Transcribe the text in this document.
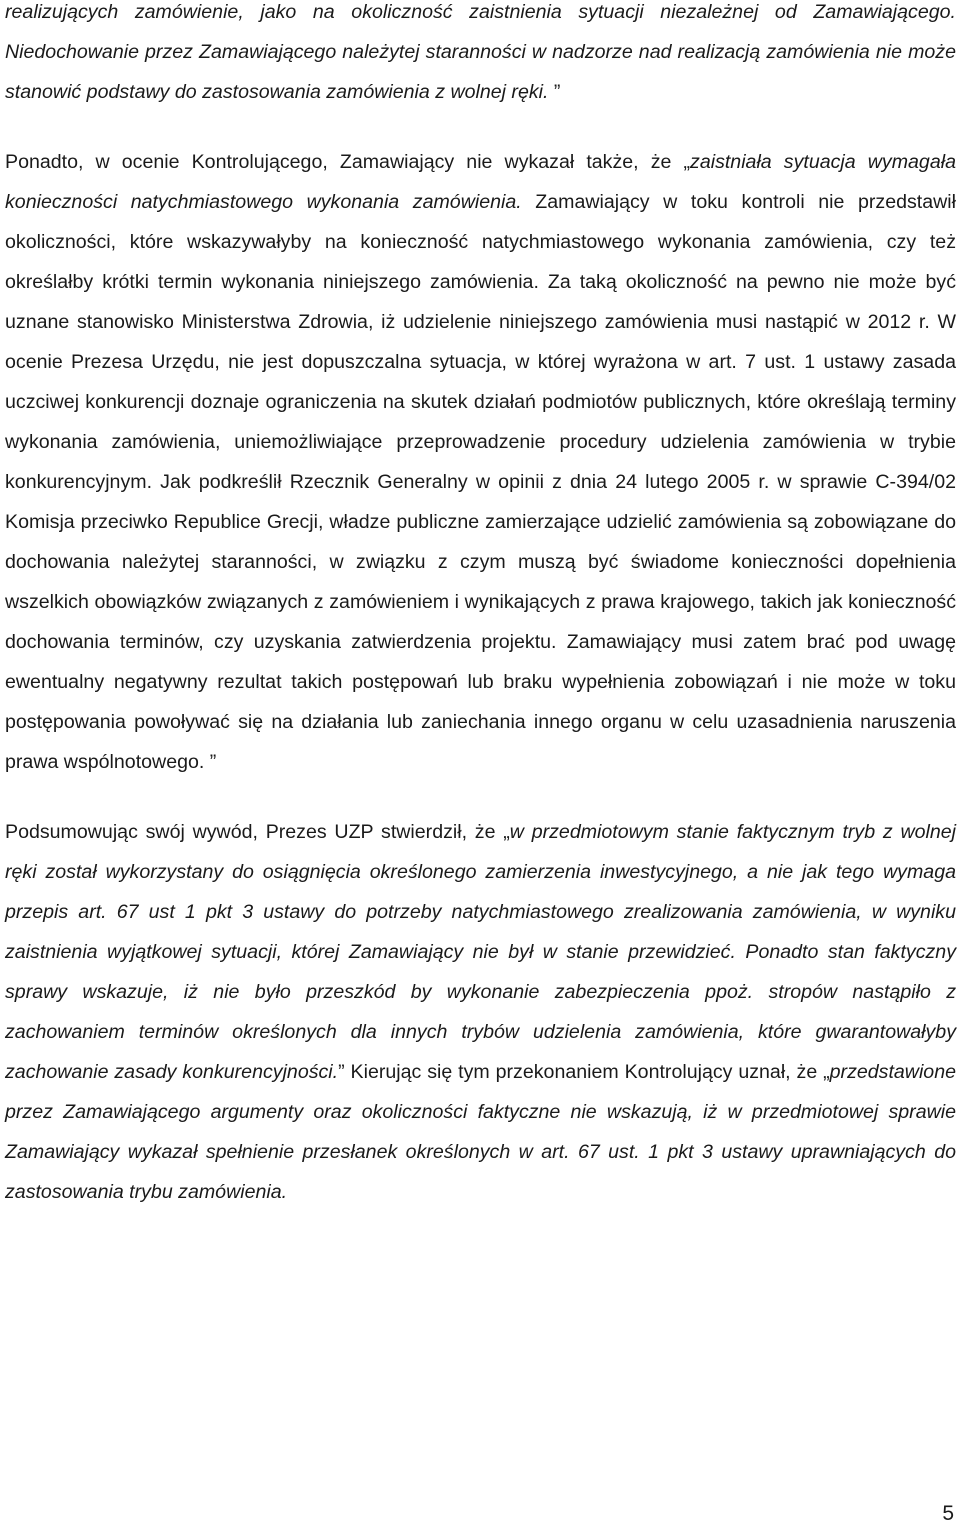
realizujących zamówienie, jako na okoliczność zaistnienia sytuacji niezależnej od Zamawiającego. Niedochowanie przez Zamawiającego należytej staranności w nadzorze nad realizacją zamówienia nie może stanowić podstawy do zastosowania zamówienia z wolnej ręki. ”

Ponadto, w ocenie Kontrolującego, Zamawiający nie wykazał także, że „zaistniała sytuacja wymagała konieczności natychmiastowego wykonania zamówienia. Zamawiający w toku kontroli nie przedstawił okoliczności, które wskazywałyby na konieczność natychmiastowego wykonania zamówienia, czy też określałby krótki termin wykonania niniejszego zamówienia. Za taką okoliczność na pewno nie może być uznane stanowisko Ministerstwa Zdrowia, iż udzielenie niniejszego zamówienia musi nastąpić w 2012 r. W ocenie Prezesa Urzędu, nie jest dopuszczalna sytuacja, w której wyrażona w art. 7 ust. 1 ustawy zasada uczciwej konkurencji doznaje ograniczenia na skutek działań podmiotów publicznych, które określają terminy wykonania zamówienia, uniemożliwiające przeprowadzenie procedury udzielenia zamówienia w trybie konkurencyjnym. Jak podkreślił Rzecznik Generalny w opinii z dnia 24 lutego 2005 r. w sprawie C-394/02 Komisja przeciwko Republice Grecji, władze publiczne zamierzające udzielić zamówienia są zobowiązane do dochowania należytej staranności, w związku z czym muszą być świadome konieczności dopełnienia wszelkich obowiązków związanych z zamówieniem i wynikających z prawa krajowego, takich jak konieczność dochowania terminów, czy uzyskania zatwierdzenia projektu. Zamawiający musi zatem brać pod uwagę ewentualny negatywny rezultat takich postępowań lub braku wypełnienia zobowiązań i nie może w toku postępowania powoływać się na działania lub zaniechania innego organu w celu uzasadnienia naruszenia prawa wspólnotowego. ”

Podsumowując swój wywód, Prezes UZP stwierdził, że „w przedmiotowym stanie faktycznym tryb z wolnej ręki został wykorzystany do osiągnięcia określonego zamierzenia inwestycyjnego, a nie jak tego wymaga przepis art. 67 ust 1 pkt 3 ustawy do potrzeby natychmiastowego zrealizowania zamówienia, w wyniku zaistnienia wyjątkowej sytuacji, której Zamawiający nie był w stanie przewidzieć. Ponadto stan faktyczny sprawy wskazuje, iż nie było przeszkód by wykonanie zabezpieczenia ppoż. stropów nastąpiło z zachowaniem terminów określonych dla innych trybów udzielenia zamówienia, które gwarantowałyby zachowanie zasady konkurencyjności.” Kierując się tym przekonaniem Kontrolujący uznał, że „przedstawione przez Zamawiającego argumenty oraz okoliczności faktyczne nie wskazują, iż w przedmiotowej sprawie Zamawiający wykazał spełnienie przesłanek określonych w art. 67 ust. 1 pkt 3 ustawy uprawniających do zastosowania trybu zamówienia.

5
